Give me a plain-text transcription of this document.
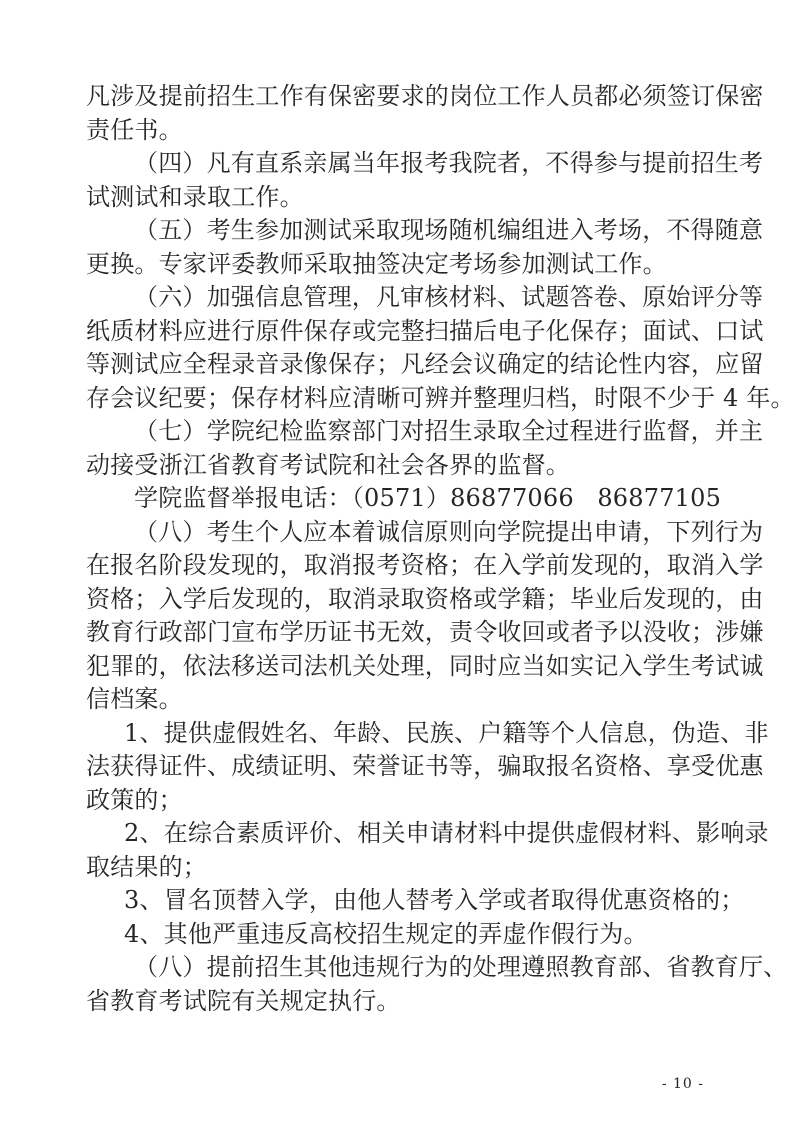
凡涉及提前招生工作有保密要求的岗位工作人员都必须签订保密
责任书。
（四）凡有直系亲属当年报考我院者，不得参与提前招生考
试测试和录取工作。
（五）考生参加测试采取现场随机编组进入考场，不得随意
更换。专家评委教师采取抽签决定考场参加测试工作。
（六）加强信息管理，凡审核材料、试题答卷、原始评分等
纸质材料应进行原件保存或完整扫描后电子化保存；面试、口试
等测试应全程录音录像保存；凡经会议确定的结论性内容，应留
存会议纪要；保存材料应清晰可辨并整理归档，时限不少于 4 年。
（七）学院纪检监察部门对招生录取全过程进行监督，并主
动接受浙江省教育考试院和社会各界的监督。
学院监督举报电话：（0571）86877066   86877105
（八）考生个人应本着诚信原则向学院提出申请，下列行为
在报名阶段发现的，取消报考资格；在入学前发现的，取消入学
资格；入学后发现的，取消录取资格或学籍；毕业后发现的，由
教育行政部门宣布学历证书无效，责令收回或者予以没收；涉嫌
犯罪的，依法移送司法机关处理，同时应当如实记入学生考试诚
信档案。
1、提供虚假姓名、年龄、民族、户籍等个人信息，伪造、非
法获得证件、成绩证明、荣誉证书等，骗取报名资格、享受优惠
政策的；
2、在综合素质评价、相关申请材料中提供虚假材料、影响录
取结果的；
3、冒名顶替入学，由他人替考入学或者取得优惠资格的；
4、其他严重违反高校招生规定的弄虚作假行为。
（八）提前招生其他违规行为的处理遵照教育部、省教育厅、
省教育考试院有关规定执行。
- 10 -
